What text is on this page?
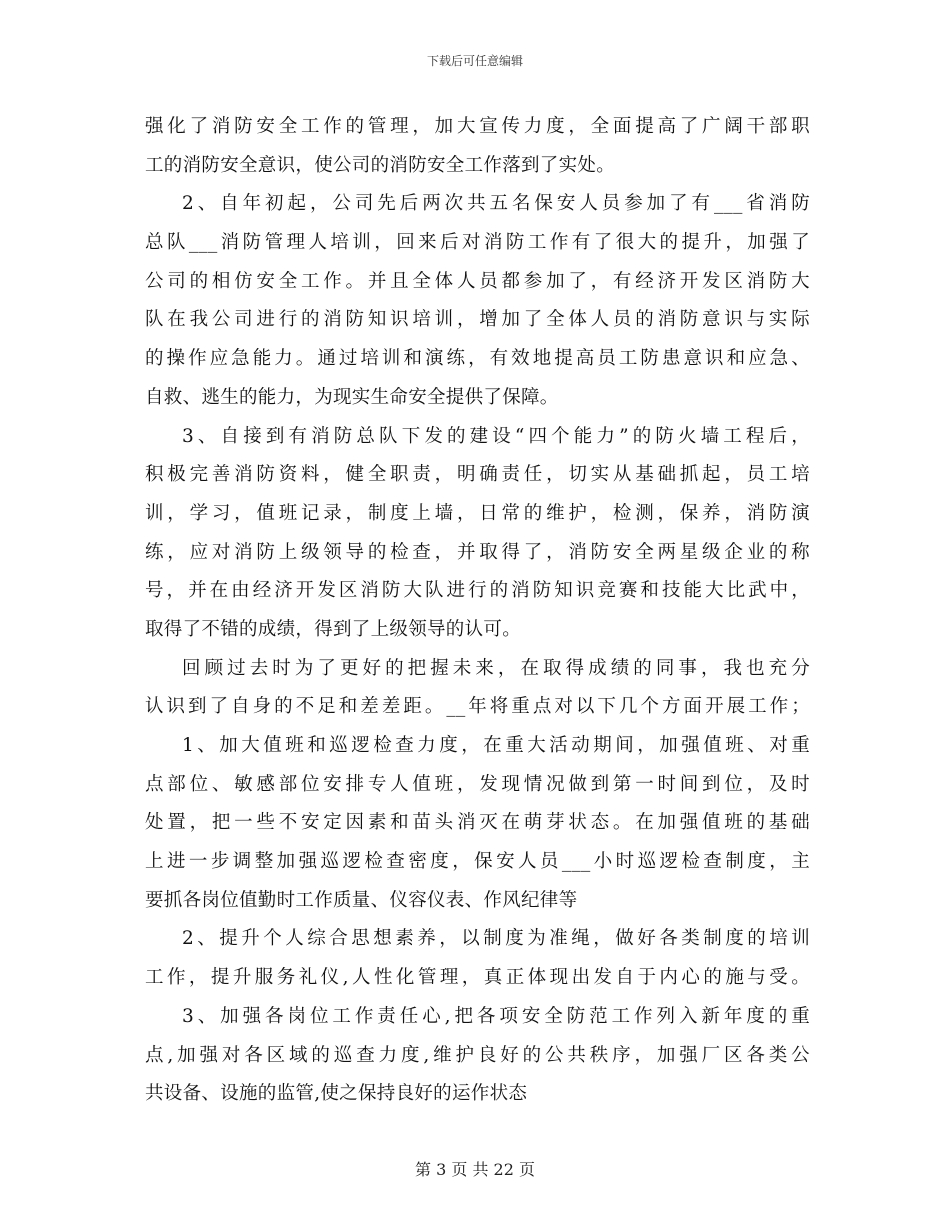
下载后可任意编辑
强化了消防安全工作的管理，加大宣传力度，全面提高了广阔干部职
工的消防安全意识，使公司的消防安全工作落到了实处。
2、自年初起，公司先后两次共五名保安人员参加了有___省消防
总队___消防管理人培训，回来后对消防工作有了很大的提升，加强了
公司的相仿安全工作。并且全体人员都参加了，有经济开发区消防大
队在我公司进行的消防知识培训，增加了全体人员的消防意识与实际
的操作应急能力。通过培训和演练，有效地提高员工防患意识和应急、
自救、逃生的能力，为现实生命安全提供了保障。
3、自接到有消防总队下发的建设“四个能力”的防火墙工程后，
积极完善消防资料，健全职责，明确责任，切实从基础抓起，员工培
训，学习，值班记录，制度上墙，日常的维护，检测，保养，消防演
练，应对消防上级领导的检查，并取得了，消防安全两星级企业的称
号，并在由经济开发区消防大队进行的消防知识竞赛和技能大比武中，
取得了不错的成绩，得到了上级领导的认可。
回顾过去时为了更好的把握未来，在取得成绩的同事，我也充分
认识到了自身的不足和差差距。__年将重点对以下几个方面开展工作；
1、加大值班和巡逻检查力度，在重大活动期间，加强值班、对重
点部位、敏感部位安排专人值班，发现情况做到第一时间到位，及时
处置，把一些不安定因素和苗头消灭在萌芽状态。在加强值班的基础
上进一步调整加强巡逻检查密度，保安人员___小时巡逻检查制度，主
要抓各岗位值勤时工作质量、仪容仪表、作风纪律等
2、提升个人综合思想素养，以制度为准绳，做好各类制度的培训
工作，提升服务礼仪,人性化管理，真正体现出发自于内心的施与受。
3、加强各岗位工作责任心,把各项安全防范工作列入新年度的重
点,加强对各区域的巡查力度,维护良好的公共秩序，加强厂区各类公
共设备、设施的监管,使之保持良好的运作状态
第 3 页 共 22 页
